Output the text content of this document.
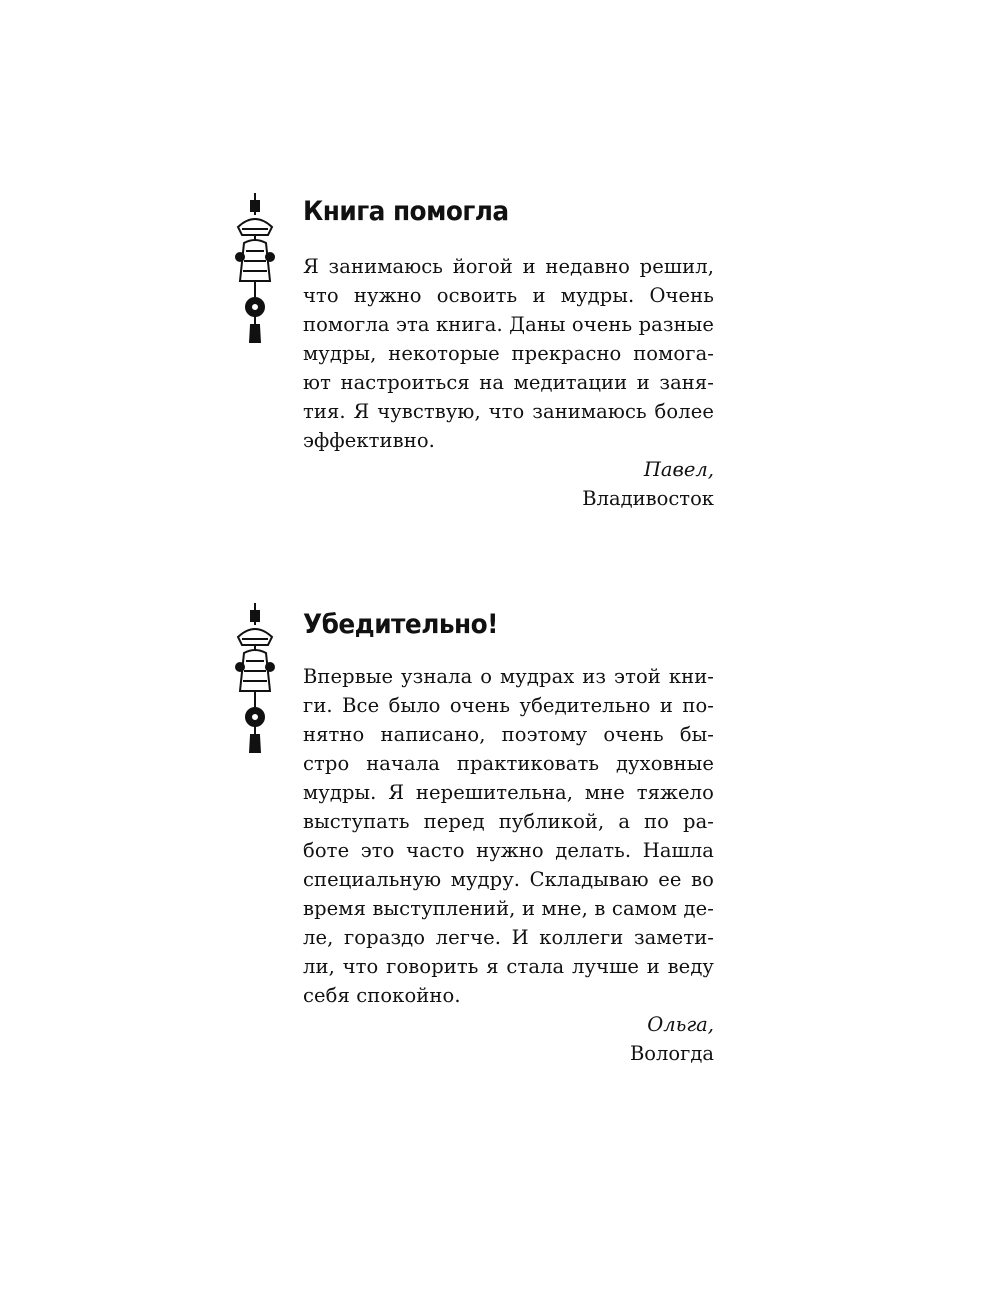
Книга помогла
Я занимаюсь йогой и недавно решил,
что нужно освоить и мудры. Очень
помогла эта книга. Даны очень разные
мудры, некоторые прекрасно помога-
ют настроиться на медитации и заня-
тия. Я чувствую, что занимаюсь более
эффективно.
Павел,
Владивосток
Убедительно!
Впервые узнала о мудрах из этой кни-
ги. Все было очень убедительно и по-
нятно написано, поэтому очень бы-
стро начала практиковать духовные
мудры. Я нерешительна, мне тяжело
выступать перед публикой, а по ра-
боте это часто нужно делать. Нашла
специальную мудру. Складываю ее во
время выступлений, и мне, в самом де-
ле, гораздо легче. И коллеги замети-
ли, что говорить я стала лучше и веду
себя спокойно.
Ольга,
Вологда
